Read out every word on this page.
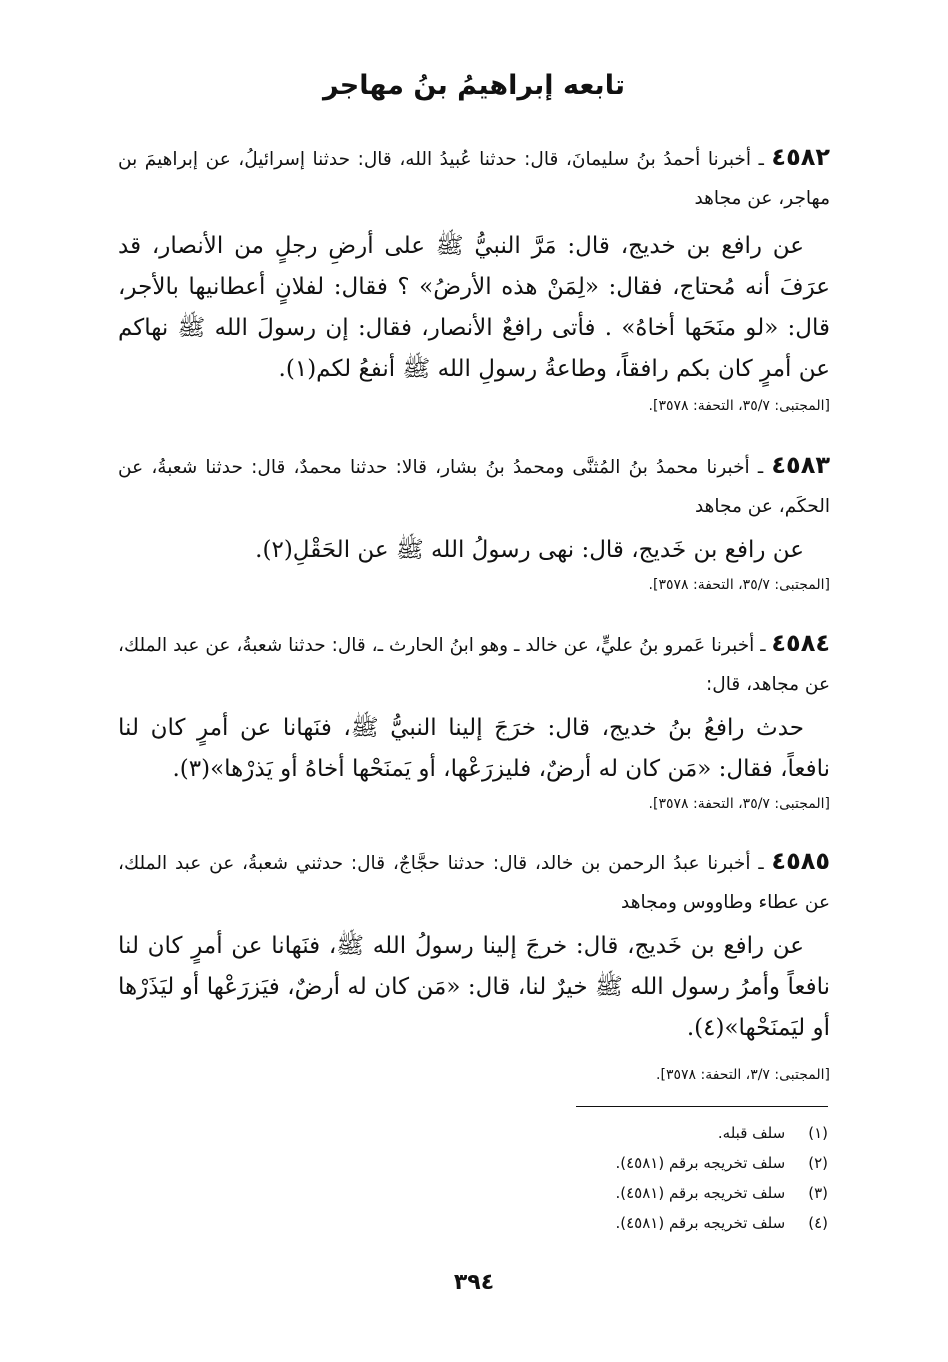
تابعه إبراهيمُ بنُ مهاجر
٤٥٨٢ ـ أخبرنا أحمدُ بنُ سليمانَ، قال: حدثنا عُبيدُ الله، قال: حدثنا إسرائيلُ، عن إبراهيمَ بن مهاجر، عن مجاهد
عن رافع بن خديج، قال: مَرَّ النبيُّ ﷺ على أرضِ رجلٍ من الأنصار، قد عرَفَ أنه مُحتاج، فقال: «لِمَنْ هذه الأرضُ» ؟ فقال: لفلانٍ أعطانيها بالأجر، قال: «لو منَحَها أخاهُ» . فأتى رافعٌ الأنصار، فقال: إن رسولَ الله ﷺ نهاكم عن أمرٍ كان بكم رافقاً، وطاعةُ رسولِ الله ﷺ أنفعُ لكم(١).
[المجتبى: ٣٥/٧، التحفة: ٣٥٧٨].
٤٥٨٣ ـ أخبرنا محمدُ بنُ المُثنَّى ومحمدُ بنُ بشار، قالا: حدثنا محمدٌ، قال: حدثنا شعبةُ، عن الحكَم، عن مجاهد
عن رافع بن خَديج، قال: نهى رسولُ الله ﷺ عن الحَقْلِ(٢).
[المجتبى: ٣٥/٧، التحفة: ٣٥٧٨].
٤٥٨٤ ـ أخبرنا عَمرو بنُ عليٍّ، عن خالد ـ وهو ابنُ الحارث ـ، قال: حدثنا شعبةُ، عن عبد الملك، عن مجاهد، قال:
حدث رافعُ بنُ خديج، قال: خرَجَ إلينا النبيُّ ﷺ، فنَهانا عن أمرٍ كان لنا نافعاً، فقال: «مَن كان له أرضٌ، فليزرَعْها، أو يَمنَحْها أخاهُ أو يَذرْها»(٣).
[المجتبى: ٣٥/٧، التحفة: ٣٥٧٨].
٤٥٨٥ ـ أخبرنا عبدُ الرحمن بن خالد، قال: حدثنا حجَّاجٌ، قال: حدثني شعبةُ، عن عبد الملك، عن عطاء وطاووس ومجاهد
عن رافع بن خَديج، قال: خرجَ إلينا رسولُ الله ﷺ، فنَهانا عن أمرٍ كان لنا نافعاً وأمرُ رسول الله ﷺ خيرٌ لنا، قال: «مَن كان له أرضٌ، فيَزرَعْها أو ليَذَرْها أو ليَمنَحْها»(٤).
[المجتبى: ٣/٧، التحفة: ٣٥٧٨].
(١) سلف قبله.
(٢) سلف تخريجه برقم (٤٥٨١).
(٣) سلف تخريجه برقم (٤٥٨١).
(٤) سلف تخريجه برقم (٤٥٨١).
٣٩٤
